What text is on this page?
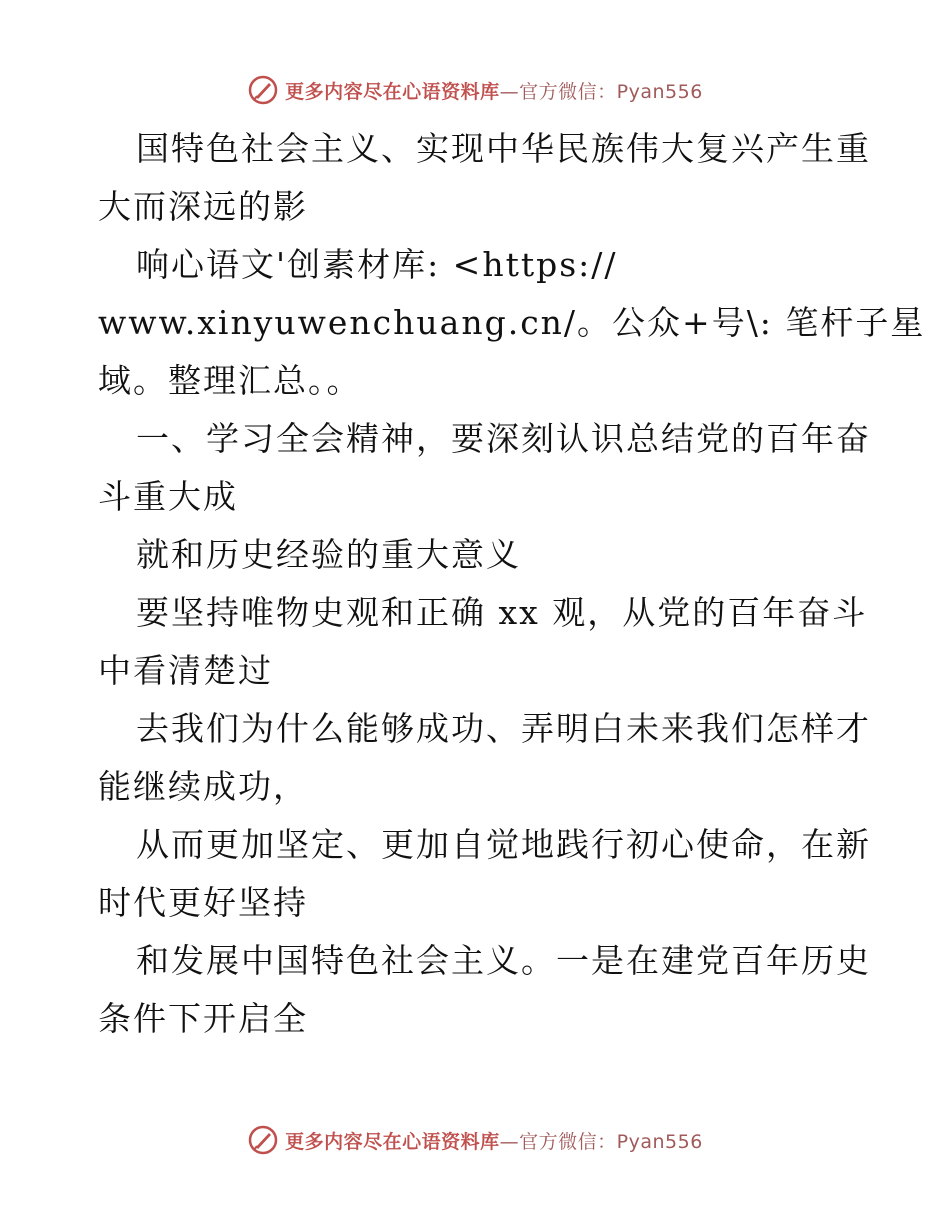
更多内容尽在心语资料库—官方微信：Pyan556
国特色社会主义、实现中华民族伟大复兴产生重
大而深远的影
响心语文'创素材库: <https://
www.xinyuwenchuang.cn/。公众+号\: 笔杆子星
域。整理汇总。。
一、学习全会精神，要深刻认识总结党的百年奋
斗重大成
就和历史经验的重大意义
要坚持唯物史观和正确 xx 观，从党的百年奋斗
中看清楚过
去我们为什么能够成功、弄明白未来我们怎样才
能继续成功，
从而更加坚定、更加自觉地践行初心使命，在新
时代更好坚持
和发展中国特色社会主义。一是在建党百年历史
条件下开启全
更多内容尽在心语资料库—官方微信：Pyan556
